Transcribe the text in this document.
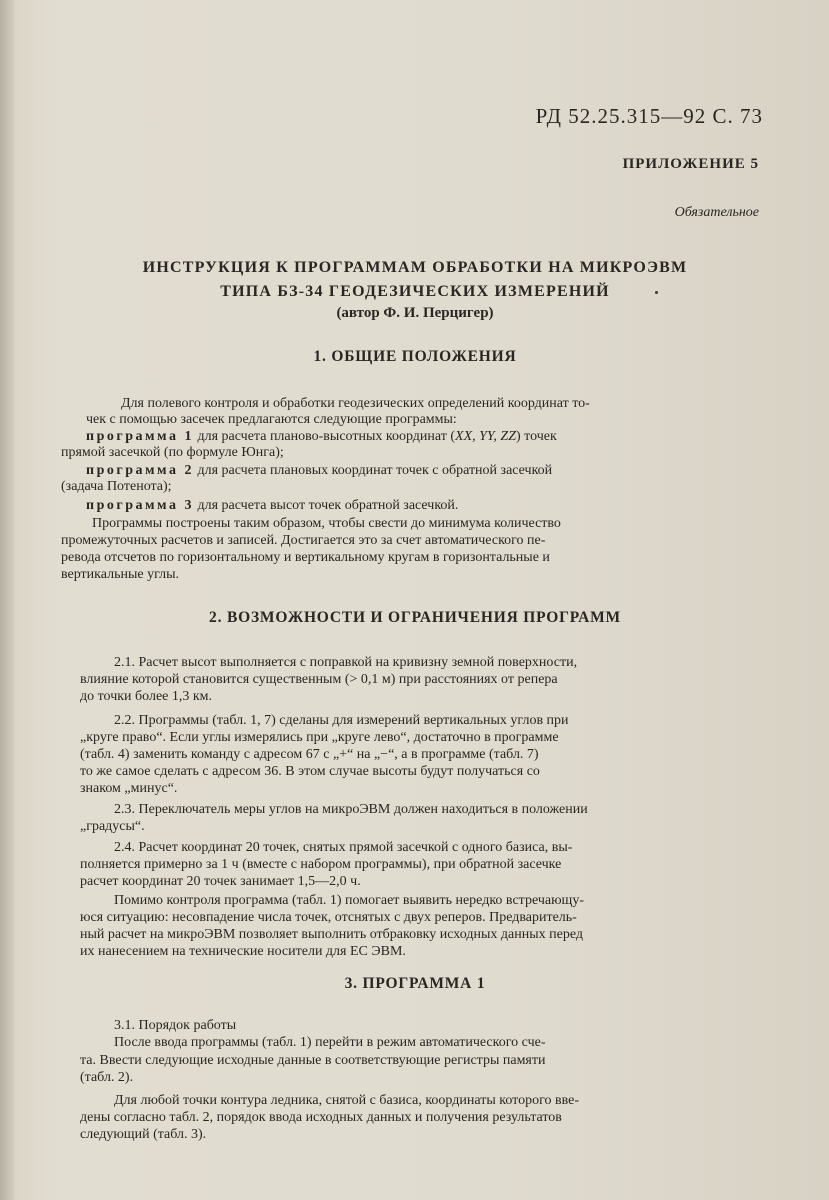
РД 52.25.315—92 С. 73
ПРИЛОЖЕНИЕ 5
Обязательное
ИНСТРУКЦИЯ К ПРОГРАММАМ ОБРАБОТКИ НА МИКРОЭВМ
ТИПА БЗ-34 ГЕОДЕЗИЧЕСКИХ ИЗМЕРЕНИЙ
(автор Ф. И. Перцигер)
1. ОБЩИЕ ПОЛОЖЕНИЯ
Для полевого контроля и обработки геодезических определений координат то-
чек с помощью засечек предлагаются следующие программы:
программа 1 для расчета планово-высотных координат (XX, YY, ZZ) точек
прямой засечкой (по формуле Юнга);
программа 2 для расчета плановых координат точек с обратной засечкой
(задача Потенота);
программа 3 для расчета высот точек обратной засечкой.
Программы построены таким образом, чтобы свести до минимума количество
промежуточных расчетов и записей. Достигается это за счет автоматического пе-
ревода отсчетов по горизонтальному и вертикальному кругам в горизонтальные и
вертикальные углы.
2. ВОЗМОЖНОСТИ И ОГРАНИЧЕНИЯ ПРОГРАММ
2.1. Расчет высот выполняется с поправкой на кривизну земной поверхности,
влияние которой становится существенным (> 0,1 м) при расстояниях от репера
до точки более 1,3 км.
2.2. Программы (табл. 1, 7) сделаны для измерений вертикальных углов при
„круге право“. Если углы измерялись при „круге лево“, достаточно в программе
(табл. 4) заменить команду с адресом 67 с „+“ на „−“, а в программе (табл. 7)
то же самое сделать с адресом 36. В этом случае высоты будут получаться со
знаком „минус“.
2.3. Переключатель меры углов на микроЭВМ должен находиться в положении
„градусы“.
2.4. Расчет координат 20 точек, снятых прямой засечкой с одного базиса, вы-
полняется примерно за 1 ч (вместе с набором программы), при обратной засечке
расчет координат 20 точек занимает 1,5—2,0 ч.
Помимо контроля программа (табл. 1) помогает выявить нередко встречающу-
юся ситуацию: несовпадение числа точек, отснятых с двух реперов. Предваритель-
ный расчет на микроЭВМ позволяет выполнить отбраковку исходных данных перед
их нанесением на технические носители для ЕС ЭВМ.
3. ПРОГРАММА 1
3.1. Порядок работы
После ввода программы (табл. 1) перейти в режим автоматического сче-
та. Ввести следующие исходные данные в соответствующие регистры памяти
(табл. 2).
Для любой точки контура ледника, снятой с базиса, координаты которого вве-
дены согласно табл. 2, порядок ввода исходных данных и получения результатов
следующий (табл. 3).
